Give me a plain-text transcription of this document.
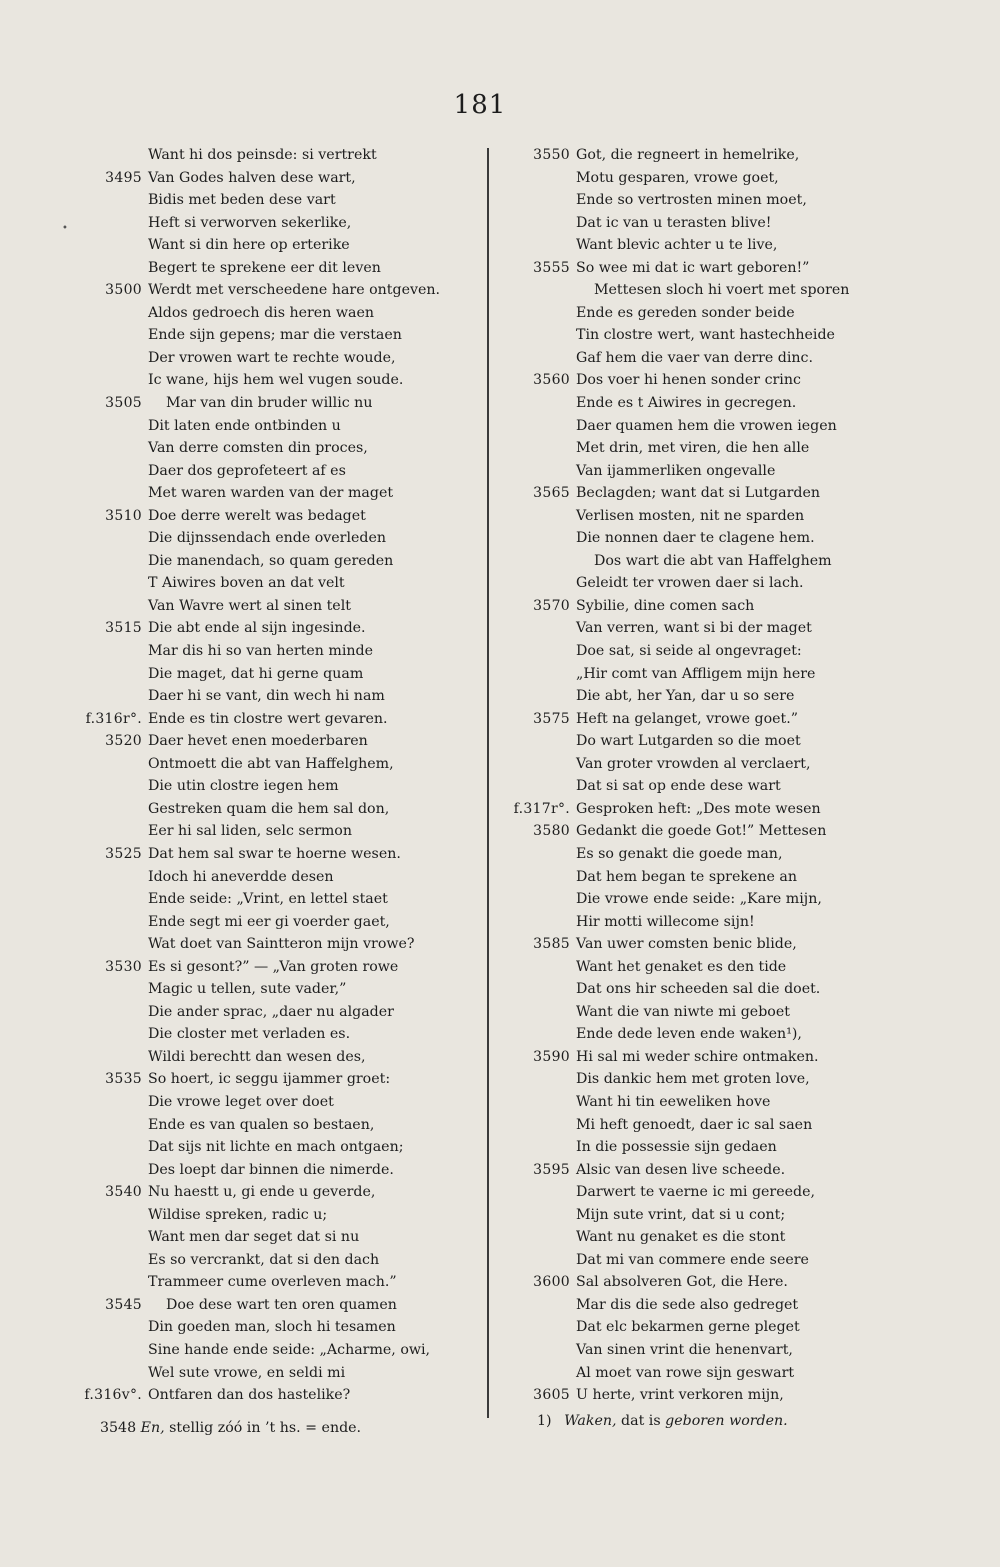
181
•
Want hi dos peinsde: si vertrekt
3495 Van Godes halven dese wart,
Bidis met beden dese vart
Heft si verworven sekerlike,
Want si din here op erterike
Begert te sprekene eer dit leven
3500 Werdt met verscheedene hare ontgeven.
Aldos gedroech dis heren waen
Ende sijn gepens; mar die verstaen
Der vrowen wart te rechte woude,
Ic wane, hijs hem wel vugen soude.
3505 Mar van din bruder willic nu
Dit laten ende ontbinden u
Van derre comsten din proces,
Daer dos geprofeteert af es
Met waren warden van der maget
3510 Doe derre werelt was bedaget
Die dijnssendach ende overleden
Die manendach, so quam gereden
T Aiwires boven an dat velt
Van Wavre wert al sinen telt
3515 Die abt ende al sijn ingesinde.
Mar dis hi so van herten minde
Die maget, dat hi gerne quam
Daer hi se vant, din wech hi nam
f.316r°. Ende es tin clostre wert gevaren.
3520 Daer hevet enen moederbaren
Ontmoett die abt van Haffelghem,
Die utin clostre iegen hem
Gestreken quam die hem sal don,
Eer hi sal liden, selc sermon
3525 Dat hem sal swar te hoerne wesen.
Idoch hi aneverdde desen
Ende seide: „Vrint, en lettel staet
Ende segt mi eer gi voerder gaet,
Wat doet van Saintteron mijn vrowe?
3530 Es si gesont?” — „Van groten rowe
Magic u tellen, sute vader,”
Die ander sprac, „daer nu algader
Die closter met verladen es.
Wildi berechtt dan wesen des,
3535 So hoert, ic seggu ijammer groet:
Die vrowe leget over doet
Ende es van qualen so bestaen,
Dat sijs nit lichte en mach ontgaen;
Des loept dar binnen die nimerde.
3540 Nu haestt u, gi ende u geverde,
Wildise spreken, radic u;
Want men dar seget dat si nu
Es so vercrankt, dat si den dach
Trammeer cume overleven mach.”
3545 Doe dese wart ten oren quamen
Din goeden man, sloch hi tesamen
Sine hande ende seide: „Acharme, owi,
Wel sute vrowe, en seldi mi
f.316v°. Ontfaren dan dos hastelike?
3550 Got, die regneert in hemelrike,
Motu gesparen, vrowe goet,
Ende so vertrosten minen moet,
Dat ic van u terasten blive!
Want blevic achter u te live,
3555 So wee mi dat ic wart geboren!”
Mettesen sloch hi voert met sporen
Ende es gereden sonder beide
Tin clostre wert, want hastechheide
Gaf hem die vaer van derre dinc.
3560 Dos voer hi henen sonder crinc
Ende es t Aiwires in gecregen.
Daer quamen hem die vrowen iegen
Met drin, met viren, die hen alle
Van ijammerliken ongevalle
3565 Beclagden; want dat si Lutgarden
Verlisen mosten, nit ne sparden
Die nonnen daer te clagene hem.
Dos wart die abt van Haffelghem
Geleidt ter vrowen daer si lach.
3570 Sybilie, dine comen sach
Van verren, want si bi der maget
Doe sat, si seide al ongevraget:
„Hir comt van Affligem mijn here
Die abt, her Yan, dar u so sere
3575 Heft na gelanget, vrowe goet.”
Do wart Lutgarden so die moet
Van groter vrowden al verclaert,
Dat si sat op ende dese wart
f.317r°. Gesproken heft: „Des mote wesen
3580 Gedankt die goede Got!” Mettesen
Es so genakt die goede man,
Dat hem began te sprekene an
Die vrowe ende seide: „Kare mijn,
Hir motti willecome sijn!
3585 Van uwer comsten benic blide,
Want het genaket es den tide
Dat ons hir scheeden sal die doet.
Want die van niwte mi geboet
Ende dede leven ende waken¹),
3590 Hi sal mi weder schire ontmaken.
Dis dankic hem met groten love,
Want hi tin eeweliken hove
Mi heft genoedt, daer ic sal saen
In die possessie sijn gedaen
3595 Alsic van desen live scheede.
Darwert te vaerne ic mi gereede,
Mijn sute vrint, dat si u cont;
Want nu genaket es die stont
Dat mi van commere ende seere
3600 Sal absolveren Got, die Here.
Mar dis die sede also gedreget
Dat elc bekarmen gerne pleget
Van sinen vrint die henenvart,
Al moet van rowe sijn geswart
3605 U herte, vrint verkoren mijn,
3548 En, stellig zóó in ’t hs. = ende.	1) Waken, dat is geboren worden.
